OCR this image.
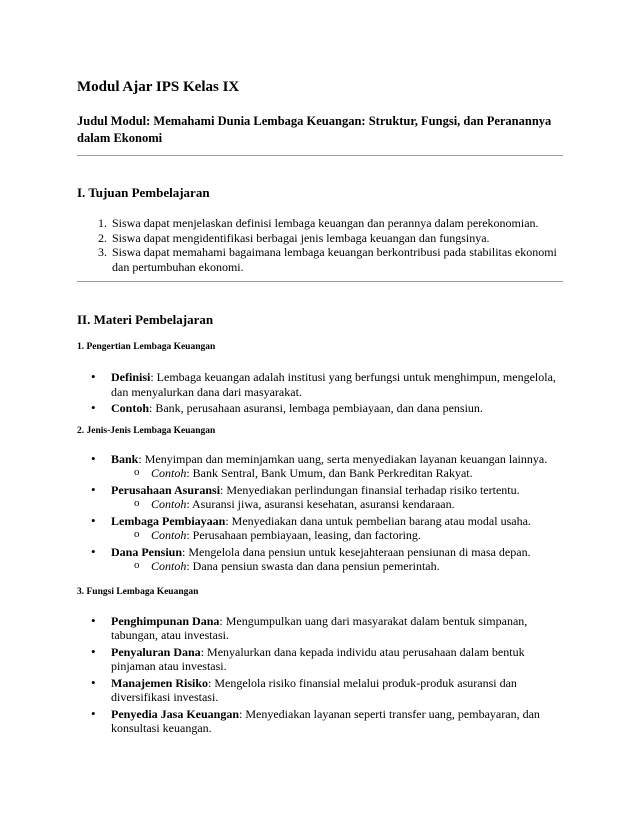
Modul Ajar IPS Kelas IX

Judul Modul: Memahami Dunia Lembaga Keuangan: Struktur, Fungsi, dan Peranannya dalam Ekonomi

I. Tujuan Pembelajaran
1. Siswa dapat menjelaskan definisi lembaga keuangan dan perannya dalam perekonomian.
2. Siswa dapat mengidentifikasi berbagai jenis lembaga keuangan dan fungsinya.
3. Siswa dapat memahami bagaimana lembaga keuangan berkontribusi pada stabilitas ekonomi dan pertumbuhan ekonomi.
II. Materi Pembelajaran
1. Pengertian Lembaga Keuangan
• Definisi: Lembaga keuangan adalah institusi yang berfungsi untuk menghimpun, mengelola, dan menyalurkan dana dari masyarakat.
• Contoh: Bank, perusahaan asuransi, lembaga pembiayaan, dan dana pensiun.
2. Jenis-Jenis Lembaga Keuangan
• Bank: Menyimpan dan meminjamkan uang, serta menyediakan layanan keuangan lainnya.
o Contoh: Bank Sentral, Bank Umum, dan Bank Perkreditan Rakyat.
• Perusahaan Asuransi: Menyediakan perlindungan finansial terhadap risiko tertentu.
o Contoh: Asuransi jiwa, asuransi kesehatan, asuransi kendaraan.
• Lembaga Pembiayaan: Menyediakan dana untuk pembelian barang atau modal usaha.
o Contoh: Perusahaan pembiayaan, leasing, dan factoring.
• Dana Pensiun: Mengelola dana pensiun untuk kesejahteraan pensiunan di masa depan.
o Contoh: Dana pensiun swasta dan dana pensiun pemerintah.
3. Fungsi Lembaga Keuangan
• Penghimpunan Dana: Mengumpulkan uang dari masyarakat dalam bentuk simpanan, tabungan, atau investasi.
• Penyaluran Dana: Menyalurkan dana kepada individu atau perusahaan dalam bentuk pinjaman atau investasi.
• Manajemen Risiko: Mengelola risiko finansial melalui produk-produk asuransi dan diversifikasi investasi.
• Penyedia Jasa Keuangan: Menyediakan layanan seperti transfer uang, pembayaran, dan konsultasi keuangan.
